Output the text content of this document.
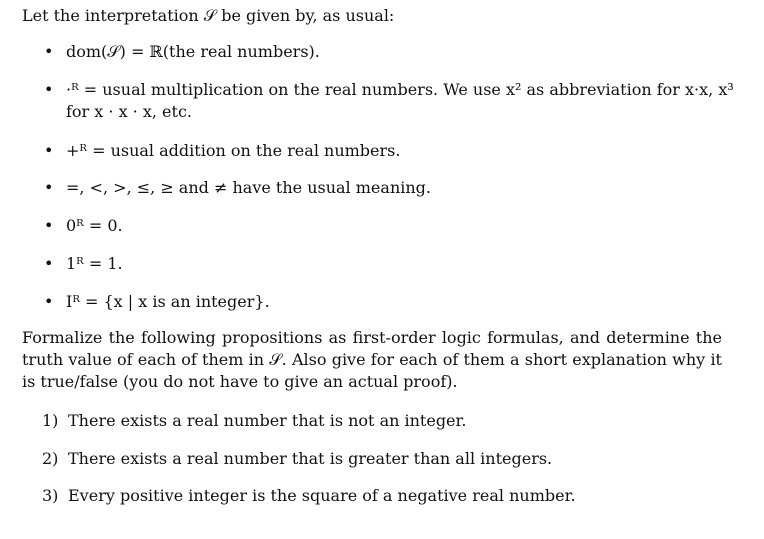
Let the interpretation 𝒮 be given by, as usual:

•
dom(𝒮) = ℝ(the real numbers).
•
·ᴿ = usual multiplication on the real numbers. We use x² as abbreviation for x·x, x³ for x · x · x, etc.
•
+ᴿ = usual addition on the real numbers.
•
=, <, >, ≤, ≥ and ≠ have the usual meaning.
•
0ᴿ = 0.
•
1ᴿ = 1.
•
Iᴿ = {x | x is an integer}.

Formalize the following propositions as first-order logic formulas, and determine the truth value of each of them in 𝒮. Also give for each of them a short explanation why it is true/false (you do not have to give an actual proof).

1) There exists a real number that is not an integer.
2) There exists a real number that is greater than all integers.
3) Every positive integer is the square of a negative real number.
